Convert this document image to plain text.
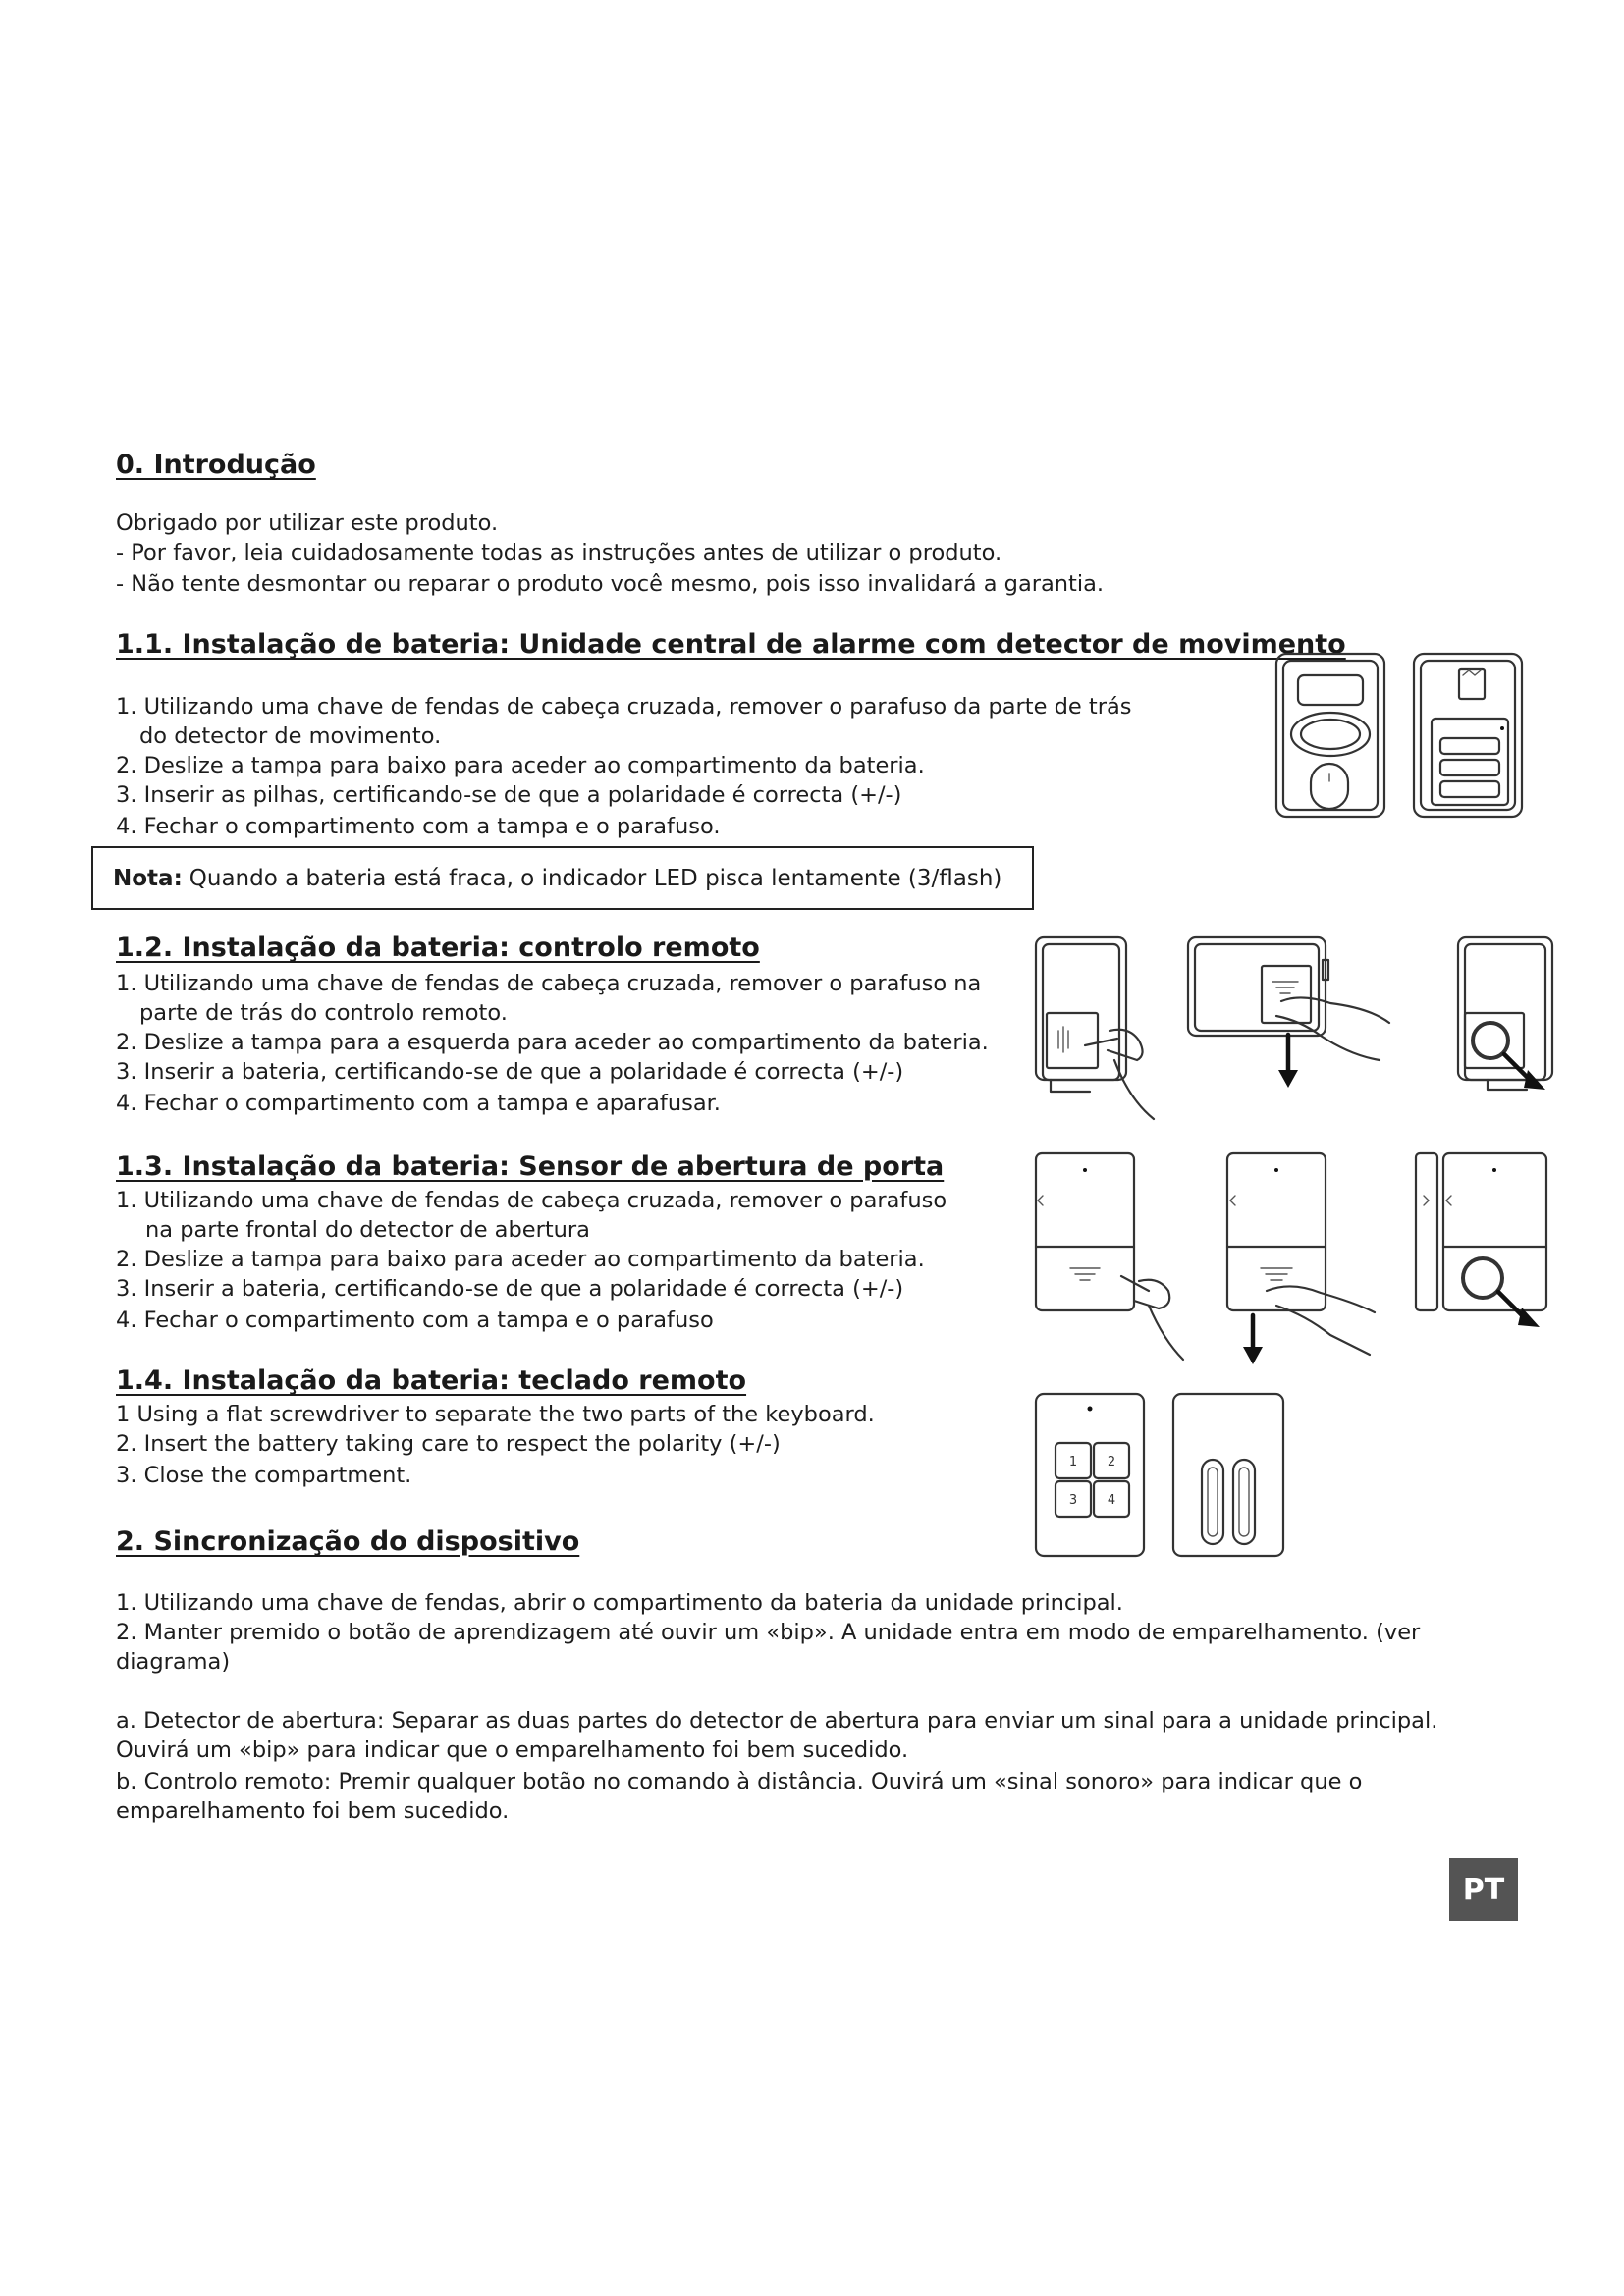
0. Introdução
Obrigado por utilizar este produto.
- Por favor, leia cuidadosamente todas as instruções antes de utilizar o produto.
- Não tente desmontar ou reparar o produto você mesmo, pois isso invalidará a garantia.
1.1. Instalação de bateria: Unidade central de alarme com detector de movimento
1. Utilizando uma chave de fendas de cabeça cruzada, remover o parafuso da parte de trás
do detector de movimento.
2. Deslize a tampa para baixo para aceder ao compartimento da bateria.
3. Inserir as pilhas, certificando-se de que a polaridade é correcta (+/-)
4. Fechar o compartimento com a tampa e o parafuso.
Nota: Quando a bateria está fraca, o indicador LED pisca lentamente (3/flash)
1.2. Instalação da bateria: controlo remoto
1. Utilizando uma chave de fendas de cabeça cruzada, remover o parafuso na
parte de trás do controlo remoto.
2. Deslize a tampa para a esquerda para aceder ao compartimento da bateria.
3. Inserir a bateria, certificando-se de que a polaridade é correcta (+/-)
4. Fechar o compartimento com a tampa e aparafusar.
1.3. Instalação da bateria: Sensor de abertura de porta
1. Utilizando uma chave de fendas de cabeça cruzada, remover o parafuso
na parte frontal do detector de abertura
2. Deslize a tampa para baixo para aceder ao compartimento da bateria.
3. Inserir a bateria, certificando-se de que a polaridade é correcta (+/-)
4. Fechar o compartimento com a tampa e o parafuso
1.4. Instalação da bateria: teclado remoto
1 Using a flat screwdriver to separate the two parts of the keyboard.
2. Insert the battery taking care to respect the polarity (+/-)
3. Close the compartment.
1 2
3 4
2. Sincronização do dispositivo
1. Utilizando uma chave de fendas, abrir o compartimento da bateria da unidade principal.
2. Manter premido o botão de aprendizagem até ouvir um «bip». A unidade entra em modo de emparelhamento. (ver
diagrama)
a. Detector de abertura: Separar as duas partes do detector de abertura para enviar um sinal para a unidade principal.
Ouvirá um «bip» para indicar que o emparelhamento foi bem sucedido.
b. Controlo remoto: Premir qualquer botão no comando à distância. Ouvirá um «sinal sonoro» para indicar que o
emparelhamento foi bem sucedido.
PT
